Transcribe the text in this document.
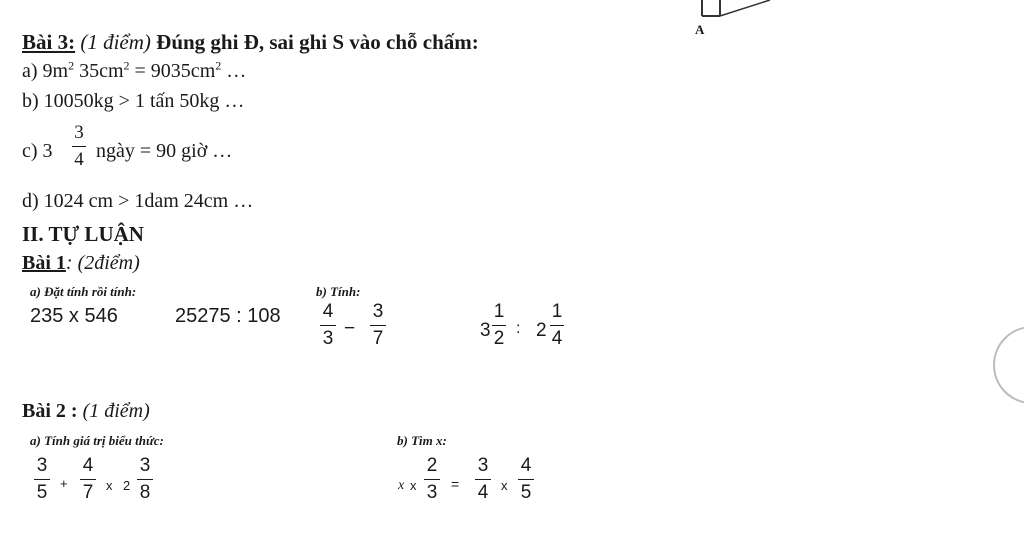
A
Bài 3: (1 điểm) Đúng ghi Đ, sai ghi S vào chỗ chấm:
a) $9m^2$ $35cm^2 = 9035cm^2$ …
b) 10050kg > 1 tấn 50kg …
c) 3
3
4 ngày = 90 giờ …
d) 1024 cm > 1dam 24cm …
II. TỰ LUẬN
Bài 1: (2điểm)
a) Đặt tính rồi tính:
235 x 546	25275 : 108
b) Tính:
4
3 −
3
7	3
1
2 : 2
1
4
Bài 2 : (1 điểm)
a) Tính giá trị biểu thức:
3
5 +
4
7 x 2
3
8
b) Tìm x:
x x
2
3 =
3
4 x
4
5
